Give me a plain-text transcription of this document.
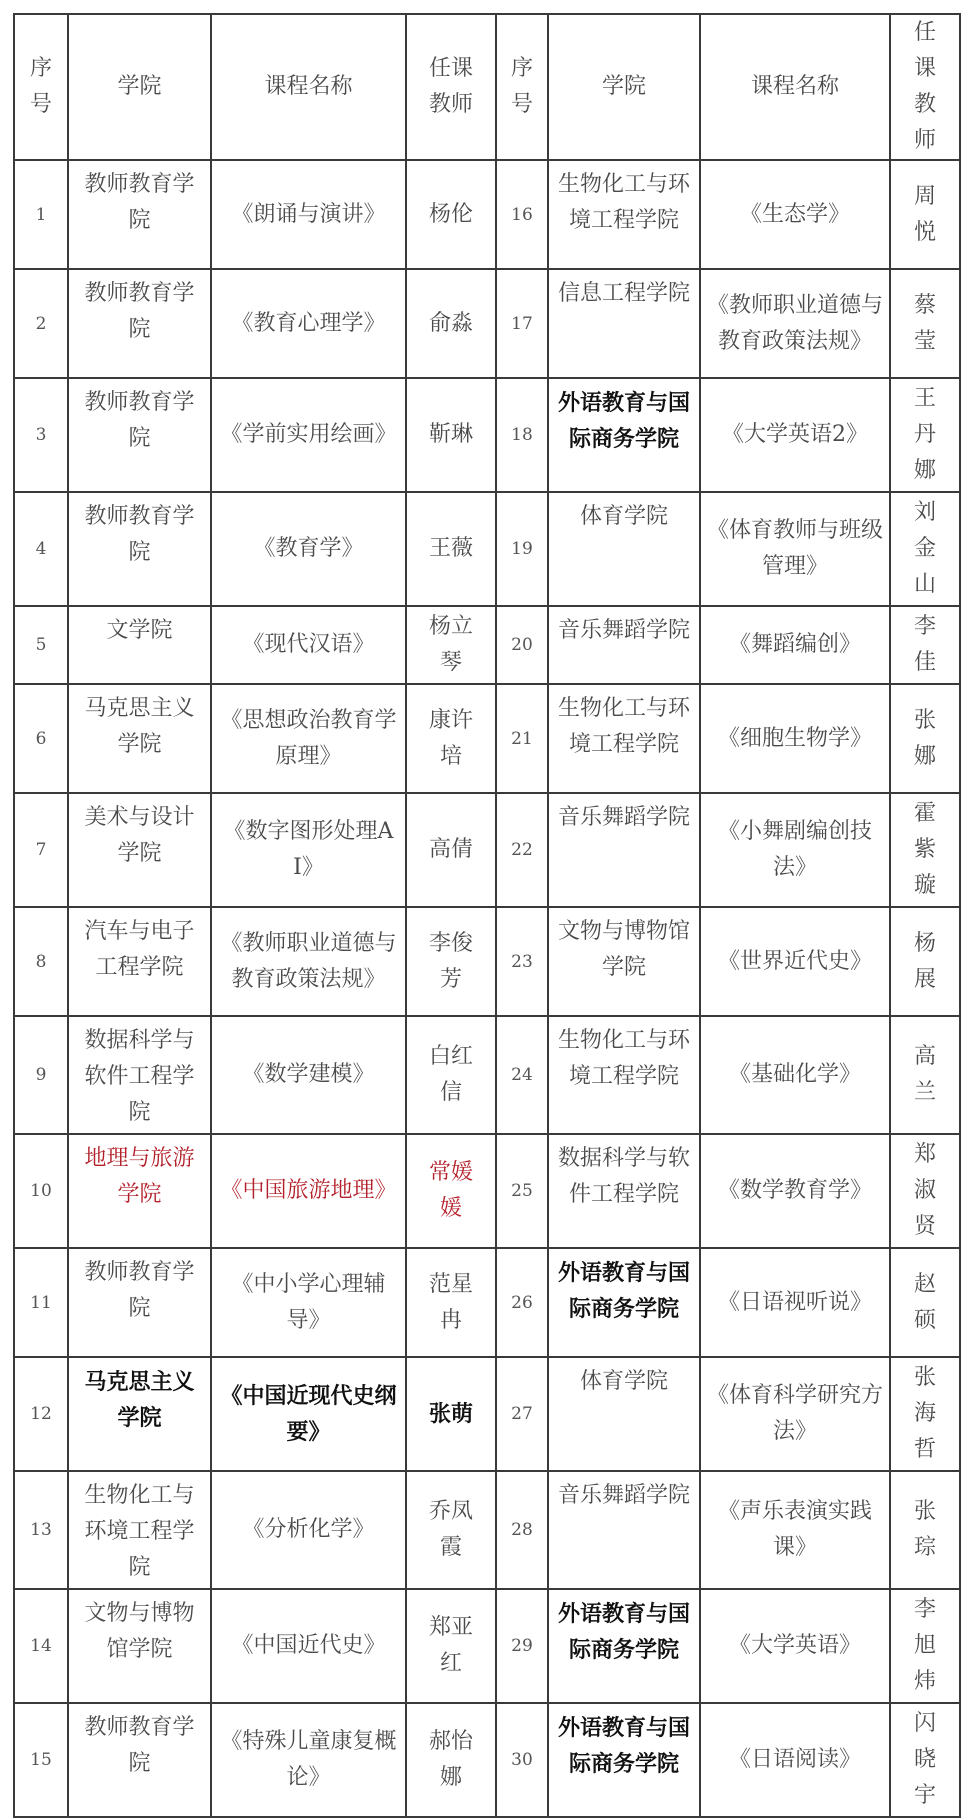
序号	学院	课程名称	任课教师	序号	学院	课程名称	任课教师
1	教师教育学院	《朗诵与演讲》	杨伦	16	生物化工与环境工程学院	《生态学》	周悦
2	教师教育学院	《教育心理学》	俞淼	17	信息工程学院	《教师职业道德与教育政策法规》	蔡莹
3	教师教育学院	《学前实用绘画》	靳琳	18	外语教育与国际商务学院	《大学英语2》	王丹娜
4	教师教育学院	《教育学》	王薇	19	体育学院	《体育教师与班级管理》	刘金山
5	文学院	《现代汉语》	杨立琴	20	音乐舞蹈学院	《舞蹈编创》	李佳
6	马克思主义学院	《思想政治教育学原理》	康许培	21	生物化工与环境工程学院	《细胞生物学》	张娜
7	美术与设计学院	《数字图形处理AI》	高倩	22	音乐舞蹈学院	《小舞剧编创技法》	霍紫璇
8	汽车与电子工程学院	《教师职业道德与教育政策法规》	李俊芳	23	文物与博物馆学院	《世界近代史》	杨展
9	数据科学与软件工程学院	《数学建模》	白红信	24	生物化工与环境工程学院	《基础化学》	高兰
10	地理与旅游学院	《中国旅游地理》	常媛媛	25	数据科学与软件工程学院	《数学教育学》	郑淑贤
11	教师教育学院	《中小学心理辅导》	范星冉	26	外语教育与国际商务学院	《日语视听说》	赵硕
12	马克思主义学院	《中国近现代史纲要》	张萌	27	体育学院	《体育科学研究方法》	张海哲
13	生物化工与环境工程学院	《分析化学》	乔凤霞	28	音乐舞蹈学院	《声乐表演实践课》	张琮
14	文物与博物馆学院	《中国近代史》	郑亚红	29	外语教育与国际商务学院	《大学英语》	李旭炜
15	教师教育学院	《特殊儿童康复概论》	郝怡娜	30	外语教育与国际商务学院	《日语阅读》	闪晓宇
